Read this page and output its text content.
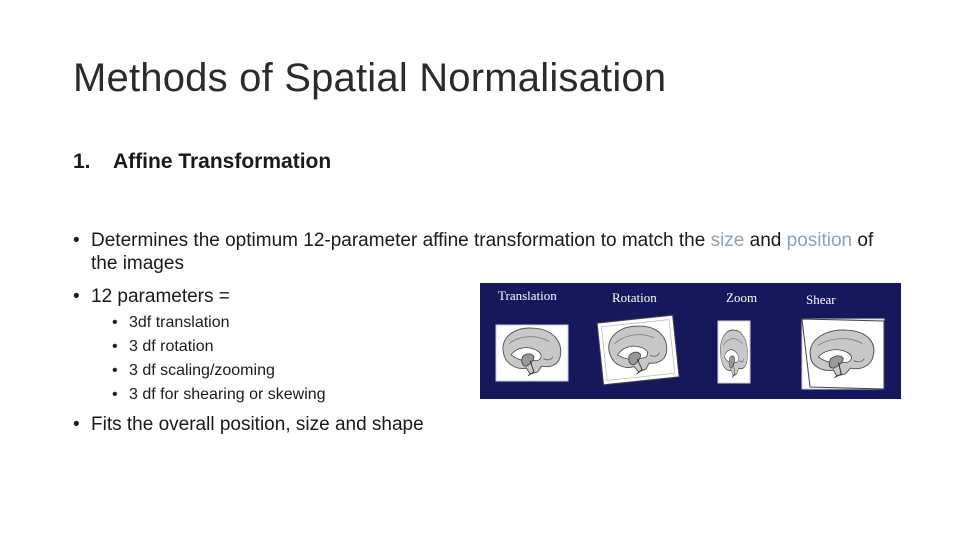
Methods of Spatial Normalisation
1. Affine Transformation
• Determines the optimum 12-parameter affine transformation to match the size and position of the images
• 12 parameters =
• 3df translation
• 3 df rotation
• 3 df scaling/zooming
• 3 df for shearing or skewing
• Fits the overall position, size and shape
Translation	Rotation	Zoom	Shear
